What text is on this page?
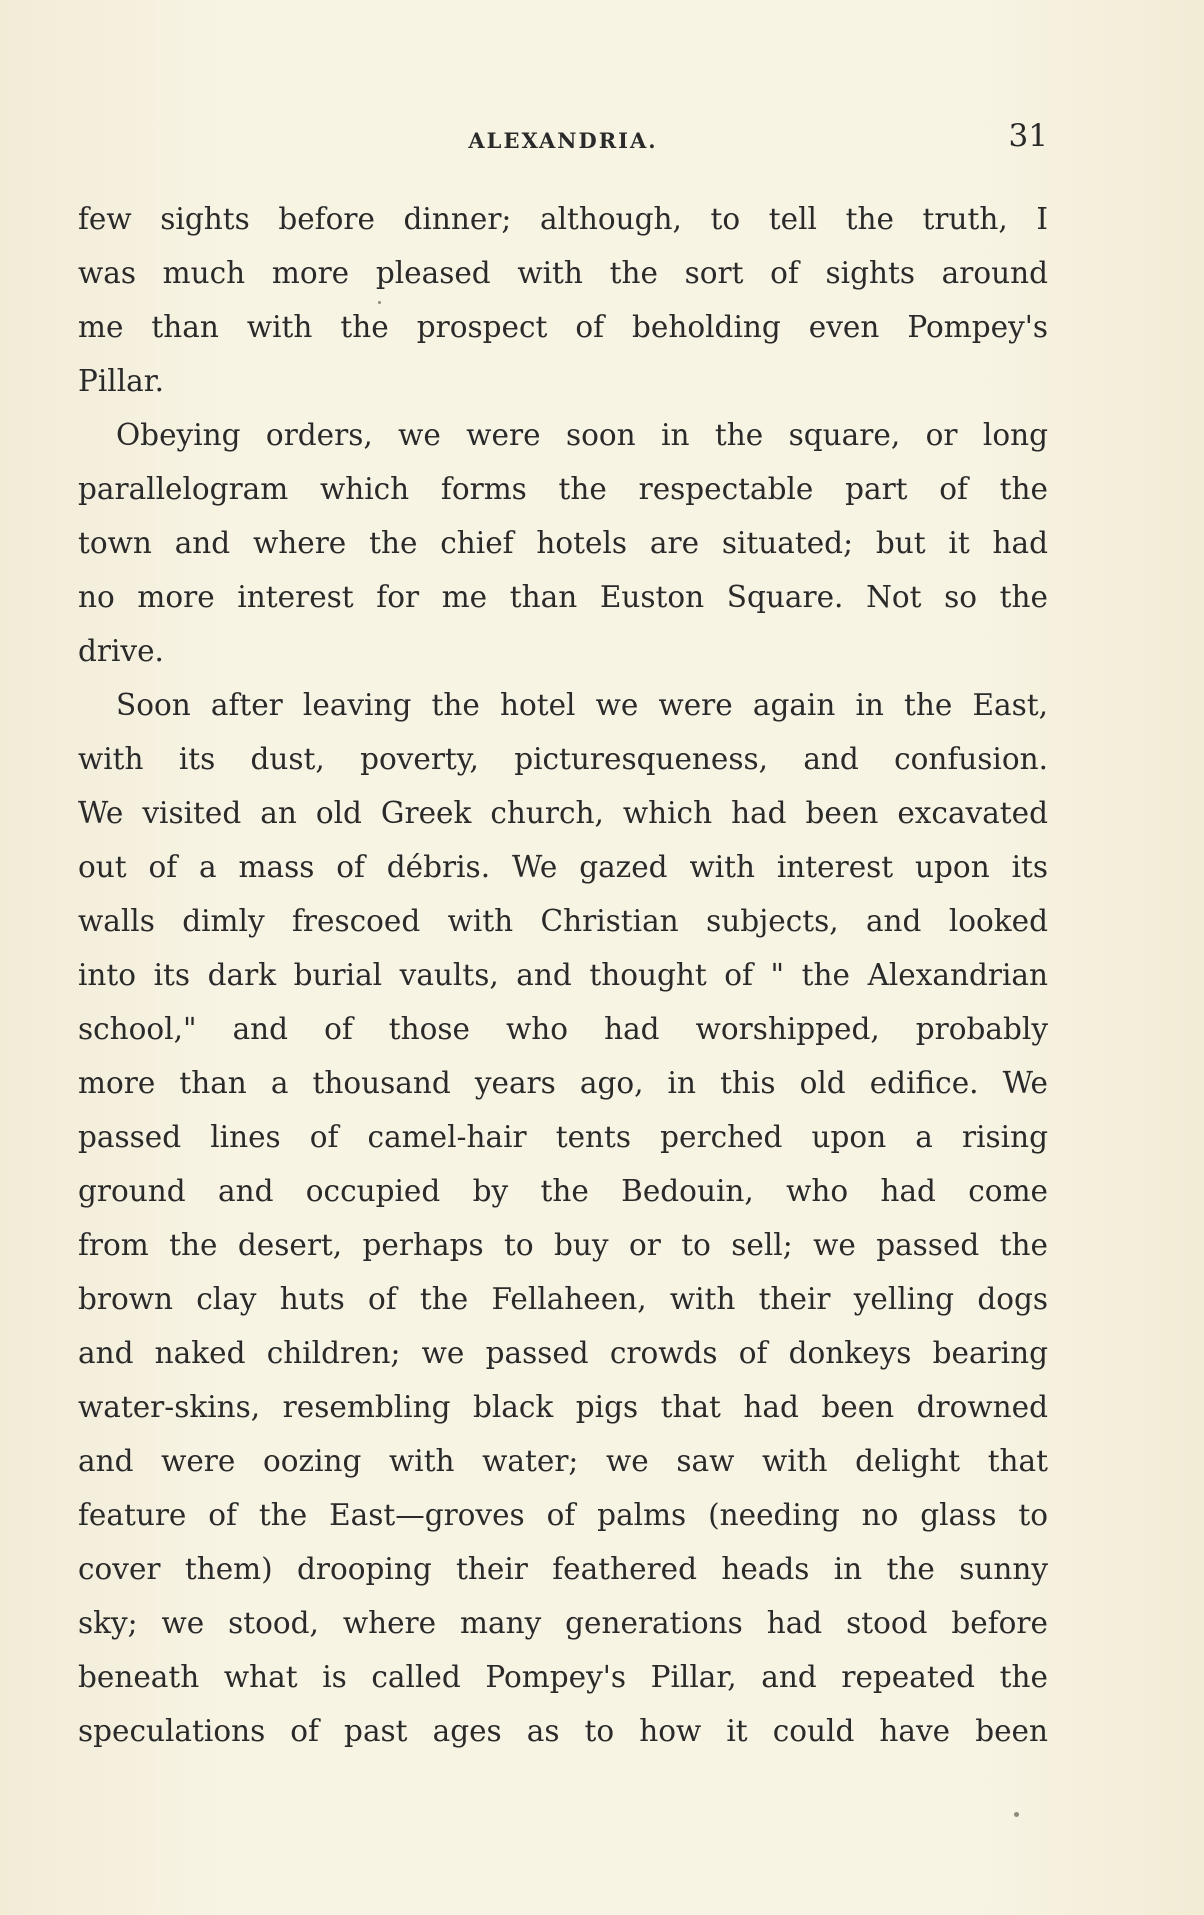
ALEXANDRIA.	31
few sights before dinner; although, to tell the truth, I
was much more pleased with the sort of sights around
me than with the prospect of beholding even Pompey's
Pillar.
Obeying orders, we were soon in the square, or long
parallelogram which forms the respectable part of the
town and where the chief hotels are situated; but it had
no more interest for me than Euston Square. Not so the
drive.
Soon after leaving the hotel we were again in the East,
with its dust, poverty, picturesqueness, and confusion.
We visited an old Greek church, which had been excavated
out of a mass of débris. We gazed with interest upon its
walls dimly frescoed with Christian subjects, and looked
into its dark burial vaults, and thought of " the Alexandrian
school," and of those who had worshipped, probably
more than a thousand years ago, in this old edifice. We
passed lines of camel-hair tents perched upon a rising
ground and occupied by the Bedouin, who had come
from the desert, perhaps to buy or to sell; we passed the
brown clay huts of the Fellaheen, with their yelling dogs
and naked children; we passed crowds of donkeys bearing
water-skins, resembling black pigs that had been drowned
and were oozing with water; we saw with delight that
feature of the East—groves of palms (needing no glass to
cover them) drooping their feathered heads in the sunny
sky; we stood, where many generations had stood before
beneath what is called Pompey's Pillar, and repeated the
speculations of past ages as to how it could have been
